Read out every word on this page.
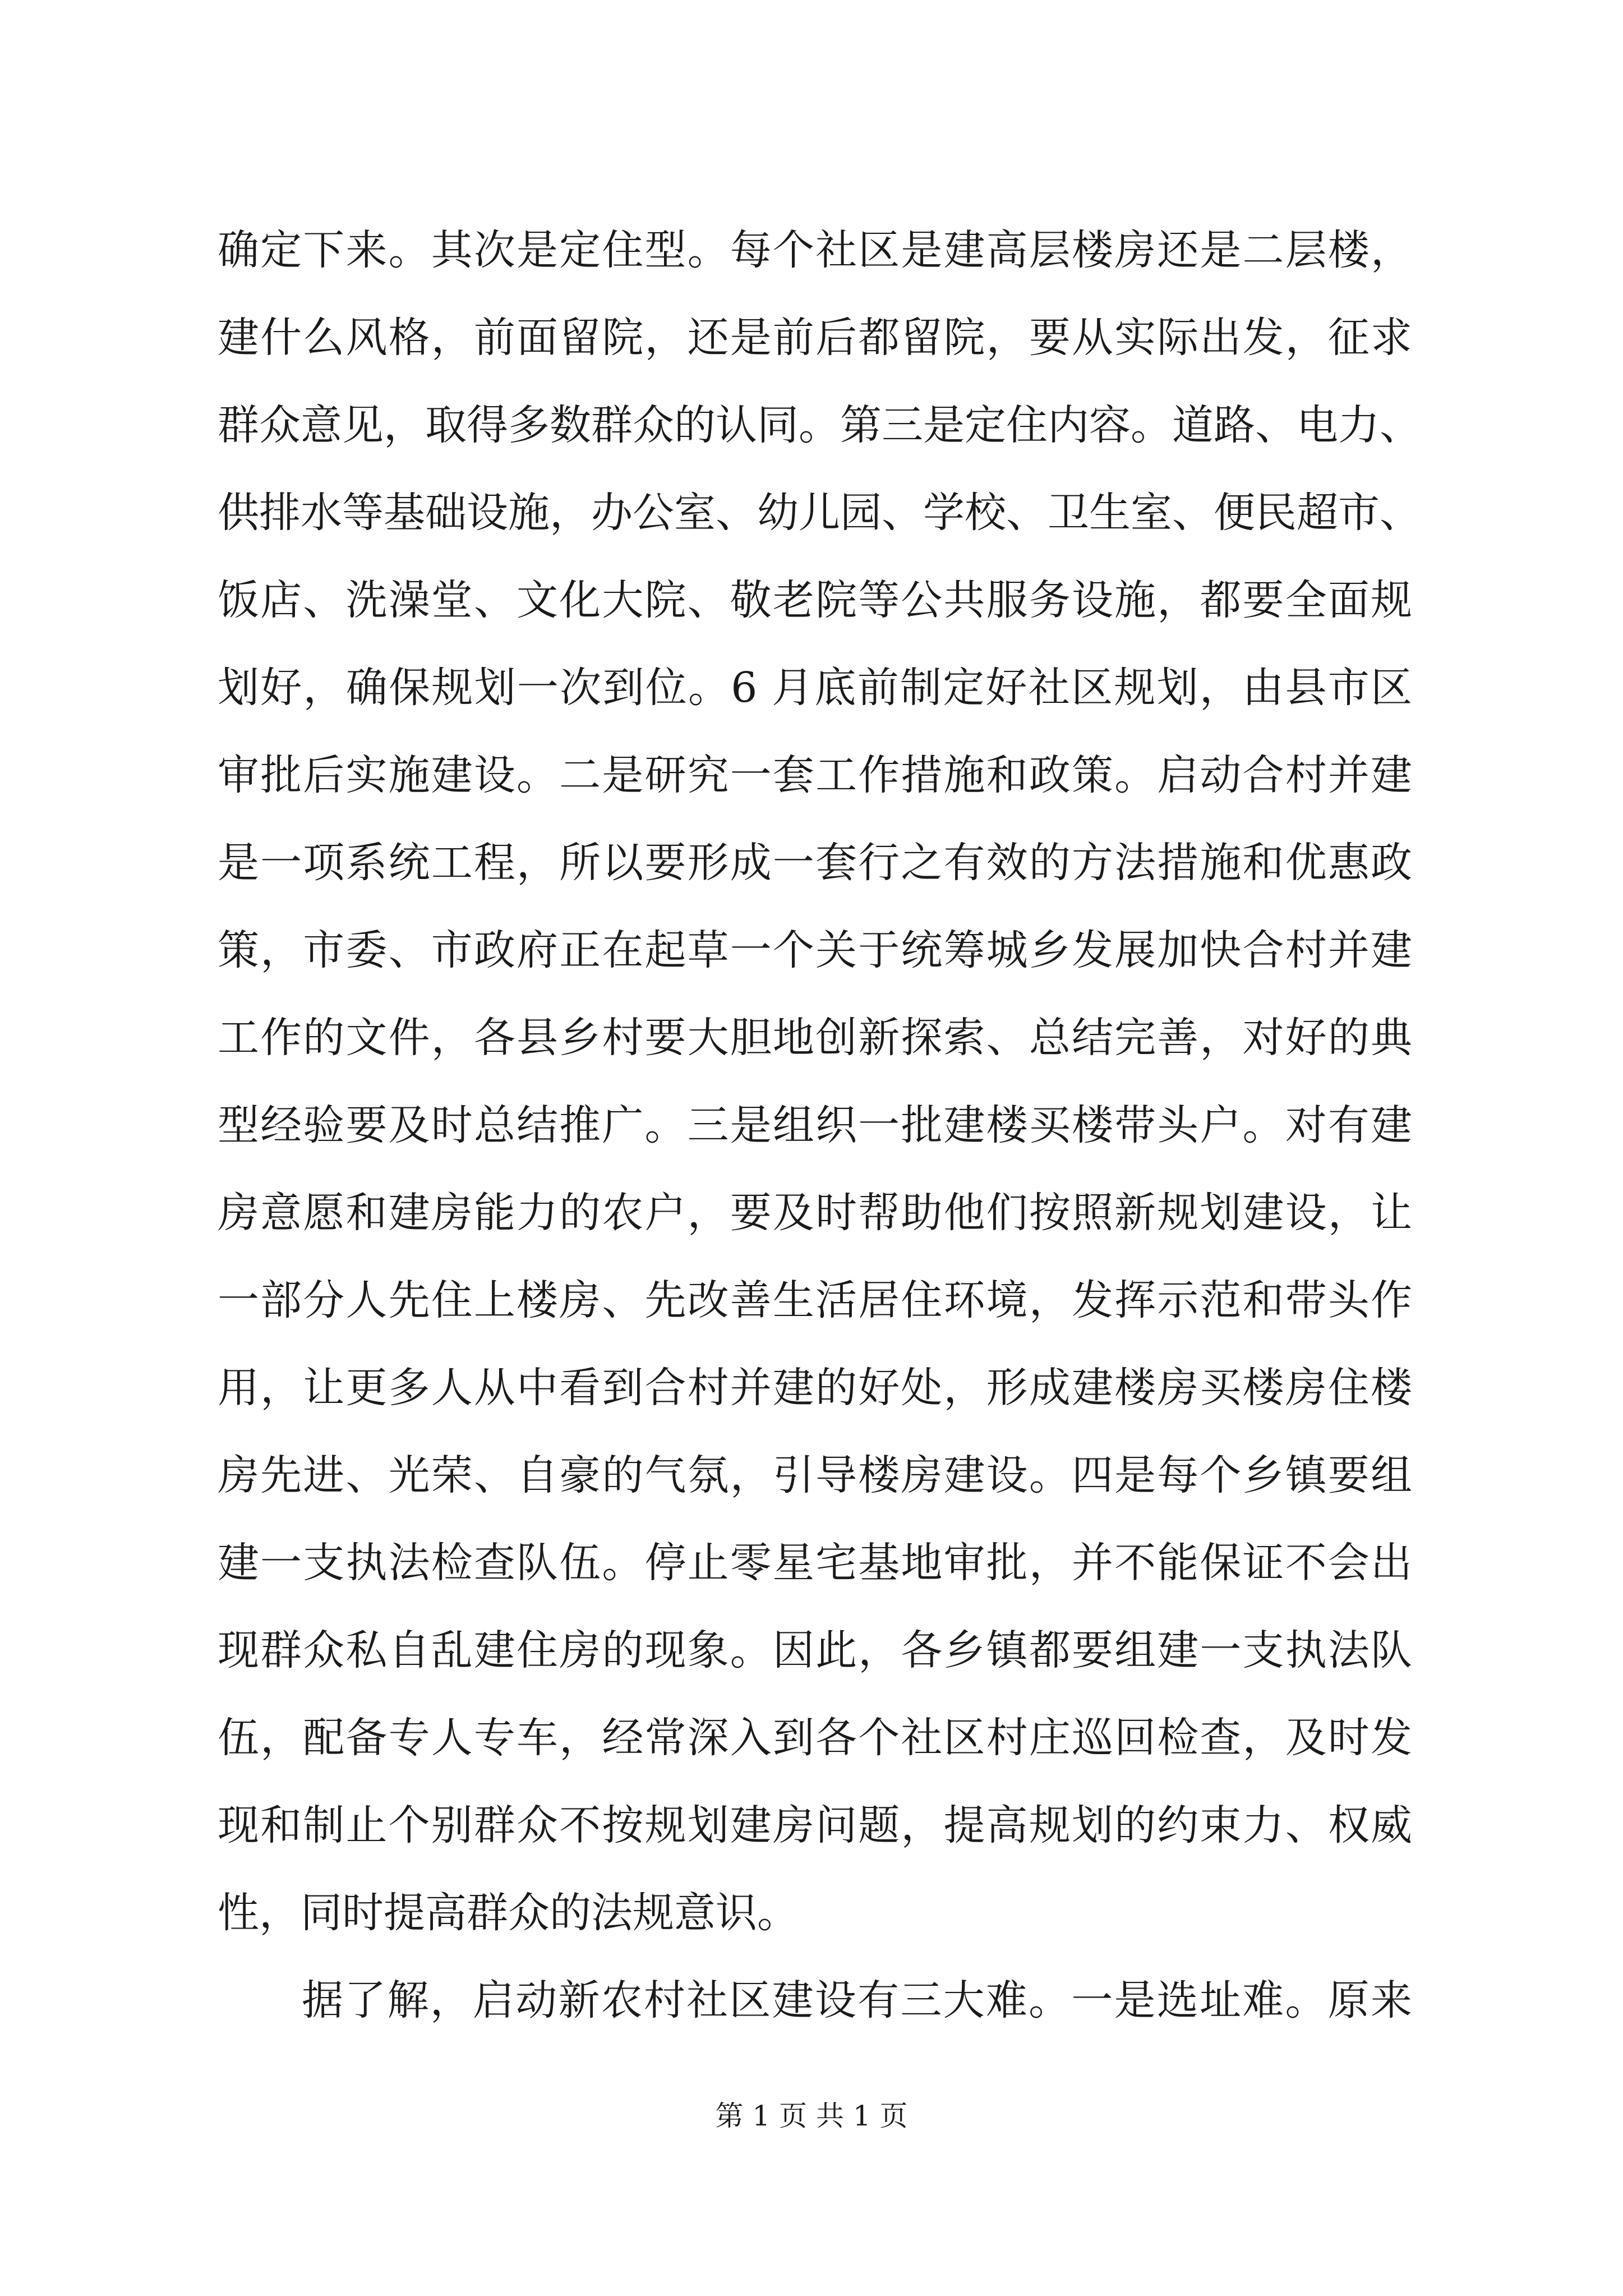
确定下来。其次是定住型。每个社区是建高层楼房还是二层楼，
建什么风格，前面留院，还是前后都留院，要从实际出发，征求
群众意见，取得多数群众的认同。第三是定住内容。道路、电力、
供排水等基础设施，办公室、幼儿园、学校、卫生室、便民超市、
饭店、洗澡堂、文化大院、敬老院等公共服务设施，都要全面规
划好，确保规划一次到位。6 月底前制定好社区规划，由县市区
审批后实施建设。二是研究一套工作措施和政策。启动合村并建
是一项系统工程，所以要形成一套行之有效的方法措施和优惠政
策，市委、市政府正在起草一个关于统筹城乡发展加快合村并建
工作的文件，各县乡村要大胆地创新探索、总结完善，对好的典
型经验要及时总结推广。三是组织一批建楼买楼带头户。对有建
房意愿和建房能力的农户，要及时帮助他们按照新规划建设，让
一部分人先住上楼房、先改善生活居住环境，发挥示范和带头作
用，让更多人从中看到合村并建的好处，形成建楼房买楼房住楼
房先进、光荣、自豪的气氛，引导楼房建设。四是每个乡镇要组
建一支执法检查队伍。停止零星宅基地审批，并不能保证不会出
现群众私自乱建住房的现象。因此，各乡镇都要组建一支执法队
伍，配备专人专车，经常深入到各个社区村庄巡回检查，及时发
现和制止个别群众不按规划建房问题，提高规划的约束力、权威
性，同时提高群众的法规意识。
据了解，启动新农村社区建设有三大难。一是选址难。原来
第 1 页 共 1 页
